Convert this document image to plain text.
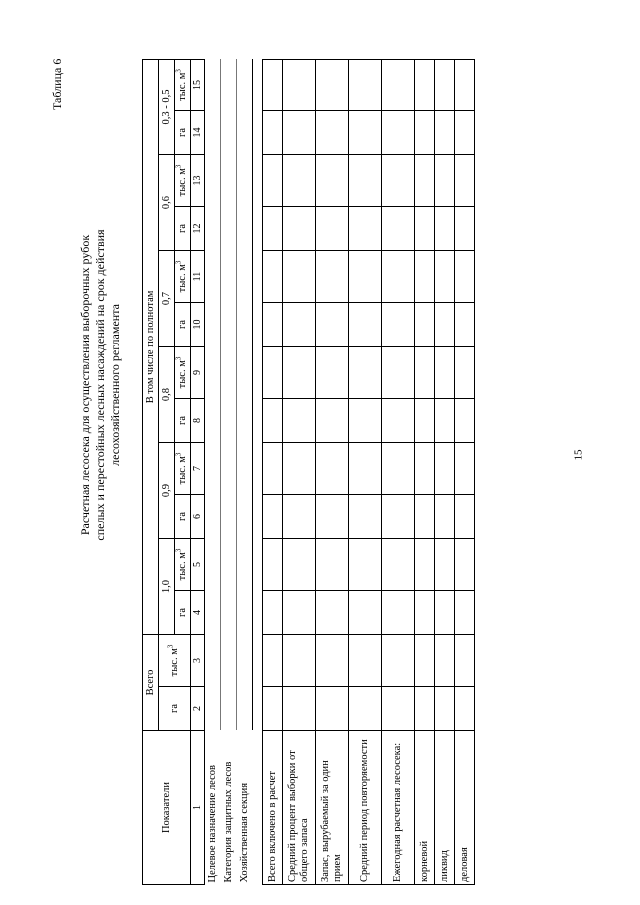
Таблица 6
Расчетная лесосека для осуществления выборочных рубок спелых и перестойных лесных насаждений на срок действия лесохозяйственного регламента
Показатели	Всего		В том числе по полнотам											
	га	тыс. $м^3$	1,0		0,9		0,8		0,7		0,6		0,3 - 0,5	
			га	тыс. $м^3$	га	тыс. $м^3$	га	тыс. $м^3$	га	тыс. $м^3$	га	тыс. $м^3$	га	тыс. $м^3$
1	2	3	4	5	6	7	8	9	10	11	12	13	14	15
Целевое назначение лесов														
Категория защитных лесов														
Хозяйственная секция														

Всего включено в расчет														
Средний процент выборки от общего запаса														
Запас, вырубаемый за один прием														
Средний период повторяемости														
Ежегодная расчетная лесосека:														
корневой														
ликвид														
деловая														
15
